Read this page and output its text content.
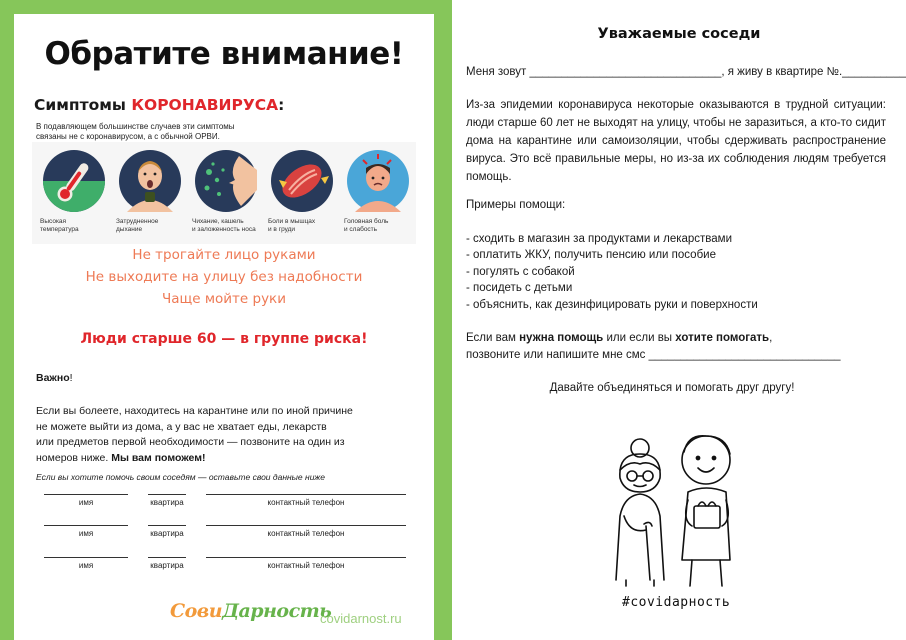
Обратите внимание!
Симптомы КОРОНАВИРУСА:
В подавляющем большинстве случаев эти симптомы связаны не с коронавирусом, а с обычной ОРВИ.
Высокая
температура
Затрудненное
дыхание
Чихание, кашель
и заложенность носа
Боли в мышцах
и в груди
Головная боль
и слабость
Не трогайте лицо руками
Не выходите на улицу без надобности
Чаще мойте руки
Люди старше 60 — в группе риска!
Важно!
Если вы болеете, находитесь на карантине или по иной причине
не можете выйти из дома, а у вас не хватает еды, лекарств
или предметов первой необходимости — позвоните на один из
номеров ниже. Мы вам поможем!
Если вы хотите помочь своим соседям — оставьте свои данные ниже
имя	квартира	контактный телефон
имя	квартира	контактный телефон
имя	квартира	контактный телефон
СовиДарность
covidarnost.ru
Уважаемые соседи
Меня зовут ______________________________, я живу в квартире №.__________
Из-за эпидемии коронавируса некоторые оказываются в трудной ситуации: люди старше 60 лет не выходят на улицу, чтобы не заразиться, а кто-то сидит дома на карантине или самоизоляции, чтобы сдерживать распространение вируса. Это всё правильные меры, но из-за их соблюдения людям требуется помощь.
Примеры помощи:
- сходить в магазин за продуктами и лекарствами
- оплатить ЖКУ, получить пенсию или пособие
- погулять с собакой
- посидеть с детьми
- объяснить, как дезинфицировать руки и поверхности
Если вам нужна помощь или если вы хотите помогать,
позвоните или напишите мне смс ______________________________
Давайте объединяться и помогать друг другу!
#covidарность
